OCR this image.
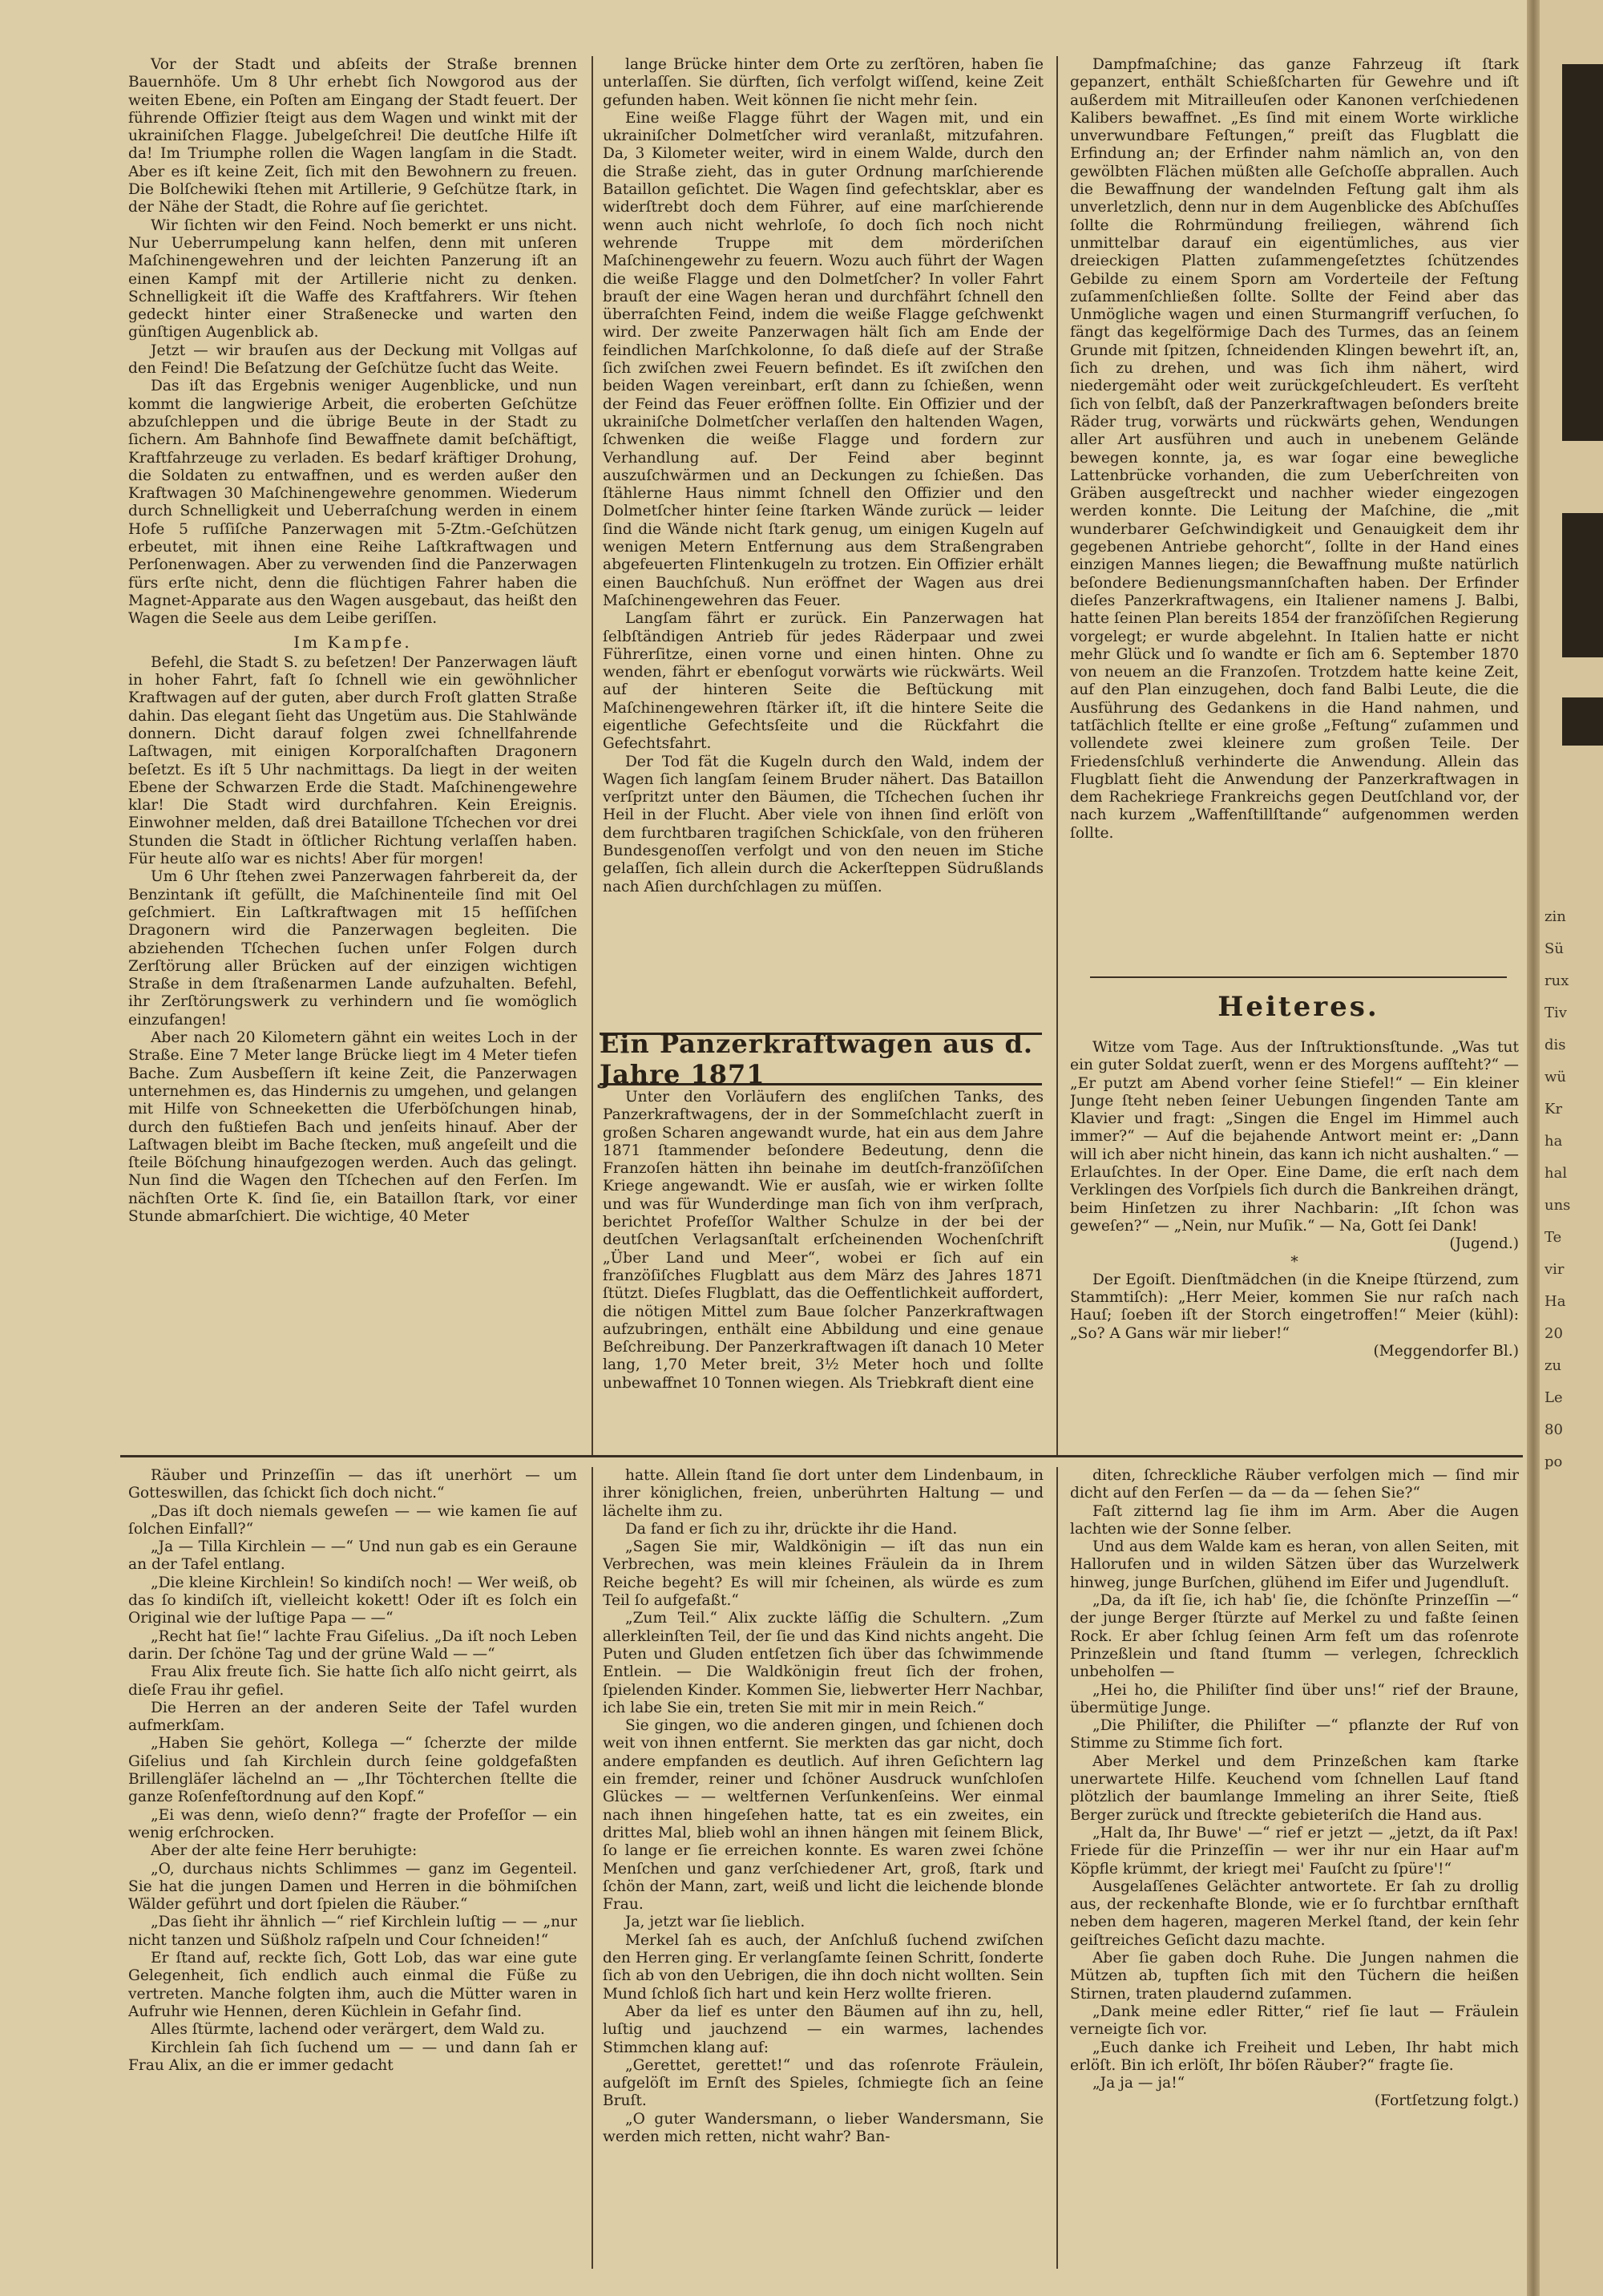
zin
Sü
rux
Tiv
dis
wü
Kr
ha
hal
uns
Te
vir
Ha
20
zu
Le
80
po

Vor der Stadt und abſeits der Straße brennen Bauernhöfe. Um 8 Uhr erhebt ſich Nowgorod aus der weiten Ebene, ein Poſten am Eingang der Stadt feuert. Der führende Offizier ſteigt aus dem Wagen und winkt mit der ukrainiſchen Flagge. Jubelgeſchrei! Die deutſche Hilfe iſt da! Im Triumphe rollen die Wagen langſam in die Stadt. Aber es iſt keine Zeit, ſich mit den Bewohnern zu freuen. Die Bolſchewiki ſtehen mit Artillerie, 9 Geſchütze ſtark, in der Nähe der Stadt, die Rohre auf ſie gerichtet.

Wir ſichten wir den Feind. Noch bemerkt er uns nicht. Nur Ueberrumpelung kann helfen, denn mit unſeren Maſchinengewehren und der leichten Panzerung iſt an einen Kampf mit der Artillerie nicht zu denken. Schnelligkeit iſt die Waffe des Kraftfahrers. Wir ſtehen gedeckt hinter einer Straßenecke und warten den günſtigen Augenblick ab.

Jetzt — wir brauſen aus der Deckung mit Vollgas auf den Feind! Die Beſatzung der Geſchütze ſucht das Weite.

Das iſt das Ergebnis weniger Augenblicke, und nun kommt die langwierige Arbeit, die eroberten Geſchütze abzuſchleppen und die übrige Beute in der Stadt zu ſichern. Am Bahnhofe ſind Bewaffnete damit beſchäftigt, Kraftfahrzeuge zu verladen. Es bedarf kräftiger Drohung, die Soldaten zu entwaffnen, und es werden außer den Kraftwagen 30 Maſchinengewehre genommen. Wiederum durch Schnelligkeit und Ueberraſchung werden in einem Hofe 5 ruſſiſche Panzerwagen mit 5-Ztm.-Geſchützen erbeutet, mit ihnen eine Reihe Laſtkraftwagen und Perſonenwagen. Aber zu verwenden ſind die Panzerwagen fürs erſte nicht, denn die flüchtigen Fahrer haben die Magnet-Apparate aus den Wagen ausgebaut, das heißt den Wagen die Seele aus dem Leibe geriſſen.

Im Kampfe.

Befehl, die Stadt S. zu beſetzen! Der Panzerwagen läuft in hoher Fahrt, faſt ſo ſchnell wie ein gewöhnlicher Kraftwagen auf der guten, aber durch Froſt glatten Straße dahin. Das elegant ſieht das Ungetüm aus. Die Stahlwände donnern. Dicht darauf folgen zwei ſchnellfahrende Laſtwagen, mit einigen Korporalſchaften Dragonern beſetzt. Es iſt 5 Uhr nachmittags. Da liegt in der weiten Ebene der Schwarzen Erde die Stadt. Maſchinengewehre klar! Die Stadt wird durchfahren. Kein Ereignis. Einwohner melden, daß drei Bataillone Tſchechen vor drei Stunden die Stadt in öſtlicher Richtung verlaſſen haben. Für heute alſo war es nichts! Aber für morgen!

Um 6 Uhr ſtehen zwei Panzerwagen fahrbereit da, der Benzintank iſt gefüllt, die Maſchinenteile ſind mit Oel geſchmiert. Ein Laſtkraftwagen mit 15 heſſiſchen Dragonern wird die Panzerwagen begleiten. Die abziehenden Tſchechen ſuchen unſer Folgen durch Zerſtörung aller Brücken auf der einzigen wichtigen Straße in dem ſtraßenarmen Lande aufzuhalten. Befehl, ihr Zerſtörungswerk zu verhindern und ſie womöglich einzufangen!

Aber nach 20 Kilometern gähnt ein weites Loch in der Straße. Eine 7 Meter lange Brücke liegt im 4 Meter tiefen Bache. Zum Ausbeſſern iſt keine Zeit, die Panzerwagen unternehmen es, das Hindernis zu umgehen, und gelangen mit Hilfe von Schneeketten die Uferböſchungen hinab, durch den fußtiefen Bach und jenſeits hinauf. Aber der Laſtwagen bleibt im Bache ſtecken, muß angeſeilt und die ſteile Böſchung hinaufgezogen werden. Auch das gelingt. Nun ſind die Wagen den Tſchechen auf den Ferſen. Im nächſten Orte K. ſind ſie, ein Bataillon ſtark, vor einer Stunde abmarſchiert. Die wichtige, 40 Meter

lange Brücke hinter dem Orte zu zerſtören, haben ſie unterlaſſen. Sie dürften, ſich verfolgt wiſſend, keine Zeit gefunden haben. Weit können ſie nicht mehr ſein.

Eine weiße Flagge führt der Wagen mit, und ein ukrainiſcher Dolmetſcher wird veranlaßt, mitzufahren. Da, 3 Kilometer weiter, wird in einem Walde, durch den die Straße zieht, das in guter Ordnung marſchierende Bataillon geſichtet. Die Wagen ſind gefechtsklar, aber es widerſtrebt doch dem Führer, auf eine marſchierende wenn auch nicht wehrloſe, ſo doch ſich noch nicht wehrende Truppe mit dem mörderiſchen Maſchinengewehr zu feuern. Wozu auch führt der Wagen die weiße Flagge und den Dolmetſcher? In voller Fahrt brauſt der eine Wagen heran und durchfährt ſchnell den überraſchten Feind, indem die weiße Flagge geſchwenkt wird. Der zweite Panzerwagen hält ſich am Ende der feindlichen Marſchkolonne, ſo daß dieſe auf der Straße ſich zwiſchen zwei Feuern befindet. Es iſt zwiſchen den beiden Wagen vereinbart, erſt dann zu ſchießen, wenn der Feind das Feuer eröffnen ſollte. Ein Offizier und der ukrainiſche Dolmetſcher verlaſſen den haltenden Wagen, ſchwenken die weiße Flagge und fordern zur Verhandlung auf. Der Feind aber beginnt auszuſchwärmen und an Deckungen zu ſchießen. Das ſtählerne Haus nimmt ſchnell den Offizier und den Dolmetſcher hinter ſeine ſtarken Wände zurück — leider ſind die Wände nicht ſtark genug, um einigen Kugeln auf wenigen Metern Entfernung aus dem Straßengraben abgefeuerten Flintenkugeln zu trotzen. Ein Offizier erhält einen Bauchſchuß. Nun eröffnet der Wagen aus drei Maſchinengewehren das Feuer.

Langſam fährt er zurück. Ein Panzerwagen hat ſelbſtändigen Antrieb für jedes Räderpaar und zwei Führerſitze, einen vorne und einen hinten. Ohne zu wenden, fährt er ebenſogut vorwärts wie rückwärts. Weil auf der hinteren Seite die Beſtückung mit Maſchinengewehren ſtärker iſt, iſt die hintere Seite die eigentliche Gefechtsſeite und die Rückfahrt die Gefechtsfahrt.

Der Tod fät die Kugeln durch den Wald, indem der Wagen ſich langſam ſeinem Bruder nähert. Das Bataillon verſpritzt unter den Bäumen, die Tſchechen ſuchen ihr Heil in der Flucht. Aber viele von ihnen ſind erlöſt von dem furchtbaren tragiſchen Schickſale, von den früheren Bundesgenoſſen verfolgt und von den neuen im Stiche gelaſſen, ſich allein durch die Ackerſteppen Südrußlands nach Aſien durchſchlagen zu müſſen.

Ein Panzerkraftwagen aus d. Jahre 1871

Unter den Vorläufern des engliſchen Tanks, des Panzerkraftwagens, der in der Sommeſchlacht zuerſt in großen Scharen angewandt wurde, hat ein aus dem Jahre 1871 ſtammender beſondere Bedeutung, denn die Franzoſen hätten ihn beinahe im deutſch-franzöſiſchen Kriege angewandt. Wie er ausſah, wie er wirken ſollte und was für Wunderdinge man ſich von ihm verſprach, berichtet Profeſſor Walther Schulze in der bei der deutſchen Verlagsanſtalt erſcheinenden Wochenſchrift „Über Land und Meer“, wobei er ſich auf ein franzöſiſches Flugblatt aus dem März des Jahres 1871 ſtützt. Dieſes Flugblatt, das die Oeffentlichkeit auffordert, die nötigen Mittel zum Baue ſolcher Panzerkraftwagen aufzubringen, enthält eine Abbildung und eine genaue Beſchreibung. Der Panzerkraftwagen iſt danach 10 Meter lang, 1,70 Meter breit, 3½ Meter hoch und ſollte unbewaffnet 10 Tonnen wiegen. Als Triebkraft dient eine

Dampfmaſchine; das ganze Fahrzeug iſt ſtark gepanzert, enthält Schießſcharten für Gewehre und iſt außerdem mit Mitrailleuſen oder Kanonen verſchiedenen Kalibers bewaffnet. „Es ſind mit einem Worte wirkliche unverwundbare Feſtungen,“ preiſt das Flugblatt die Erfindung an; der Erfinder nahm nämlich an, von den gewölbten Flächen müßten alle Geſchoſſe abprallen. Auch die Bewaffnung der wandelnden Feſtung galt ihm als unverletzlich, denn nur in dem Augenblicke des Abſchuſſes ſollte die Rohrmündung freiliegen, während ſich unmittelbar darauf ein eigentümliches, aus vier dreieckigen Platten zuſammengeſetztes ſchützendes Gebilde zu einem Sporn am Vorderteile der Feſtung zuſammenſchließen ſollte. Sollte der Feind aber das Unmögliche wagen und einen Sturmangriff verſuchen, ſo fängt das kegelförmige Dach des Turmes, das an ſeinem Grunde mit ſpitzen, ſchneidenden Klingen bewehrt iſt, an, ſich zu drehen, und was ſich ihm nähert, wird niedergemäht oder weit zurückgeſchleudert. Es verſteht ſich von ſelbſt, daß der Panzerkraftwagen beſonders breite Räder trug, vorwärts und rückwärts gehen, Wendungen aller Art ausführen und auch in unebenem Gelände bewegen konnte, ja, es war ſogar eine bewegliche Lattenbrücke vorhanden, die zum Ueberſchreiten von Gräben ausgeſtreckt und nachher wieder eingezogen werden konnte. Die Leitung der Maſchine, die „mit wunderbarer Geſchwindigkeit und Genauigkeit dem ihr gegebenen Antriebe gehorcht“, ſollte in der Hand eines einzigen Mannes liegen; die Bewaffnung mußte natürlich beſondere Bedienungsmannſchaften haben. Der Erfinder dieſes Panzerkraftwagens, ein Italiener namens J. Balbi, hatte ſeinen Plan bereits 1854 der franzöſiſchen Regierung vorgelegt; er wurde abgelehnt. In Italien hatte er nicht mehr Glück und ſo wandte er ſich am 6. September 1870 von neuem an die Franzoſen. Trotzdem hatte keine Zeit, auf den Plan einzugehen, doch fand Balbi Leute, die die Ausführung des Gedankens in die Hand nahmen, und tatſächlich ſtellte er eine große „Feſtung“ zuſammen und vollendete zwei kleinere zum großen Teile. Der Friedensſchluß verhinderte die Anwendung. Allein das Flugblatt ſieht die Anwendung der Panzerkraftwagen in dem Rachekriege Frankreichs gegen Deutſchland vor, der nach kurzem „Waffenſtillſtande“ aufgenommen werden ſollte.

Heiteres.

Witze vom Tage. Aus der Inſtruktionsſtunde. „Was tut ein guter Soldat zuerſt, wenn er des Morgens aufſteht?“ — „Er putzt am Abend vorher ſeine Stiefel!“ — Ein kleiner Junge ſteht neben ſeiner Uebungen ſingenden Tante am Klavier und fragt: „Singen die Engel im Himmel auch immer?“ — Auf die bejahende Antwort meint er: „Dann will ich aber nicht hinein, das kann ich nicht aushalten.“ — Erlauſchtes. In der Oper. Eine Dame, die erſt nach dem Verklingen des Vorſpiels ſich durch die Bankreihen drängt, beim Hinſetzen zu ihrer Nachbarin: „Iſt ſchon was geweſen?“ — „Nein, nur Muſik.“ — Na, Gott ſei Dank!

(Jugend.)

*

Der Egoiſt. Dienſtmädchen (in die Kneipe ſtürzend, zum Stammtiſch): „Herr Meier, kommen Sie nur raſch nach Hauſ; ſoeben iſt der Storch eingetroffen!“ Meier (kühl): „So? A Gans wär mir lieber!“

(Meggendorfer Bl.)

Räuber und Prinzeſſin — das iſt unerhört — um Gotteswillen, das ſchickt ſich doch nicht.“

„Das iſt doch niemals geweſen — — wie kamen ſie auf ſolchen Einfall?“

„Ja — Tilla Kirchlein — —“ Und nun gab es ein Geraune an der Tafel entlang.

„Die kleine Kirchlein! So kindiſch noch! — Wer weiß, ob das ſo kindiſch iſt, vielleicht kokett! Oder iſt es ſolch ein Original wie der luſtige Papa — —“

„Recht hat ſie!“ lachte Frau Giſelius. „Da iſt noch Leben darin. Der ſchöne Tag und der grüne Wald — —“

Frau Alix freute ſich. Sie hatte ſich alſo nicht geirrt, als dieſe Frau ihr gefiel.

Die Herren an der anderen Seite der Tafel wurden aufmerkſam.

„Haben Sie gehört, Kollega —“ ſcherzte der milde Giſelius und ſah Kirchlein durch ſeine goldgefaßten Brillengläſer lächelnd an — „Ihr Töchterchen ſtellte die ganze Roſenfeſtordnung auf den Kopf.“

„Ei was denn, wieſo denn?“ fragte der Profeſſor — ein wenig erſchrocken.

Aber der alte feine Herr beruhigte:

„O, durchaus nichts Schlimmes — ganz im Gegenteil. Sie hat die jungen Damen und Herren in die böhmiſchen Wälder geführt und dort ſpielen die Räuber.“

„Das ſieht ihr ähnlich —“ rief Kirchlein luſtig — — „nur nicht tanzen und Süßholz raſpeln und Cour ſchneiden!“

Er ſtand auf, reckte ſich, Gott Lob, das war eine gute Gelegenheit, ſich endlich auch einmal die Füße zu vertreten. Manche folgten ihm, auch die Mütter waren in Aufruhr wie Hennen, deren Küchlein in Gefahr ſind.

Alles ſtürmte, lachend oder verärgert, dem Wald zu.

Kirchlein ſah ſich ſuchend um — — und dann ſah er Frau Alix, an die er immer gedacht

hatte. Allein ſtand ſie dort unter dem Lindenbaum, in ihrer königlichen, freien, unberührten Haltung — und lächelte ihm zu.

Da fand er ſich zu ihr, drückte ihr die Hand.

„Sagen Sie mir, Waldkönigin — iſt das nun ein Verbrechen, was mein kleines Fräulein da in Ihrem Reiche begeht? Es will mir ſcheinen, als würde es zum Teil ſo aufgefaßt.“

„Zum Teil.“ Alix zuckte läſſig die Schultern. „Zum allerkleinſten Teil, der ſie und das Kind nichts angeht. Die Puten und Gluden entſetzen ſich über das ſchwimmende Entlein. — Die Waldkönigin freut ſich der frohen, ſpielenden Kinder. Kommen Sie, liebwerter Herr Nachbar, ich labe Sie ein, treten Sie mit mir in mein Reich.“

Sie gingen, wo die anderen gingen, und ſchienen doch weit von ihnen entfernt. Sie merkten das gar nicht, doch andere empfanden es deutlich. Auf ihren Geſichtern lag ein fremder, reiner und ſchöner Ausdruck wunſchloſen Glückes — — weltfernen Verſunkenſeins. Wer einmal nach ihnen hingeſehen hatte, tat es ein zweites, ein drittes Mal, blieb wohl an ihnen hängen mit ſeinem Blick, ſo lange er ſie erreichen konnte. Es waren zwei ſchöne Menſchen und ganz verſchiedener Art, groß, ſtark und ſchön der Mann, zart, weiß und licht die leichende blonde Frau.

Ja, jetzt war ſie lieblich.

Merkel ſah es auch, der Anſchluß ſuchend zwiſchen den Herren ging. Er verlangſamte ſeinen Schritt, ſonderte ſich ab von den Uebrigen, die ihn doch nicht wollten. Sein Mund ſchloß ſich hart und kein Herz wollte frieren.

Aber da lief es unter den Bäumen auf ihn zu, hell, luſtig und jauchzend — ein warmes, lachendes Stimmchen klang auf:

„Gerettet, gerettet!“ und das roſenrote Fräulein, aufgelöſt im Ernſt des Spieles, ſchmiegte ſich an ſeine Bruſt.

„O guter Wandersmann, o lieber Wandersmann, Sie werden mich retten, nicht wahr? Ban-

diten, ſchreckliche Räuber verfolgen mich — ſind mir dicht auf den Ferſen — da — da — ſehen Sie?“

Faſt zitternd lag ſie ihm im Arm. Aber die Augen lachten wie der Sonne ſelber.

Und aus dem Walde kam es heran, von allen Seiten, mit Hallorufen und in wilden Sätzen über das Wurzelwerk hinweg, junge Burſchen, glühend im Eifer und Jugendluſt.

„Da, da iſt ſie, ich hab' ſie, die ſchönſte Prinzeſſin —“ der junge Berger ſtürzte auf Merkel zu und faßte ſeinen Rock. Er aber ſchlug ſeinen Arm feſt um das roſenrote Prinzeßlein und ſtand ſtumm — verlegen, ſchrecklich unbeholfen —

„Hei ho, die Philiſter ſind über uns!“ rief der Braune, übermütige Junge.

„Die Philiſter, die Philiſter —“ pflanzte der Ruf von Stimme zu Stimme ſich fort.

Aber Merkel und dem Prinzeßchen kam ſtarke unerwartete Hilfe. Keuchend vom ſchnellen Lauf ſtand plötzlich der baumlange Immeling an ihrer Seite, ſtieß Berger zurück und ſtreckte gebieteriſch die Hand aus.

„Halt da, Ihr Buwe' —“ rief er jetzt — „jetzt, da iſt Pax! Friede für die Prinzeſſin — wer ihr nur ein Haar auf'm Köpfle krümmt, der kriegt mei' Fauſcht zu ſpüre'!“

Ausgelaſſenes Gelächter antwortete. Er ſah zu drollig aus, der reckenhafte Blonde, wie er ſo furchtbar ernſthaft neben dem hageren, mageren Merkel ſtand, der kein ſehr geiſtreiches Geſicht dazu machte.

Aber ſie gaben doch Ruhe. Die Jungen nahmen die Mützen ab, tupften ſich mit den Tüchern die heißen Stirnen, traten plaudernd zuſammen.

„Dank meine edler Ritter,“ rief ſie laut — Fräulein verneigte ſich vor.

„Euch danke ich Freiheit und Leben, Ihr habt mich erlöſt. Bin ich erlöſt, Ihr böſen Räuber?“ fragte ſie.

„Ja ja — ja!“

(Fortſetzung folgt.)
